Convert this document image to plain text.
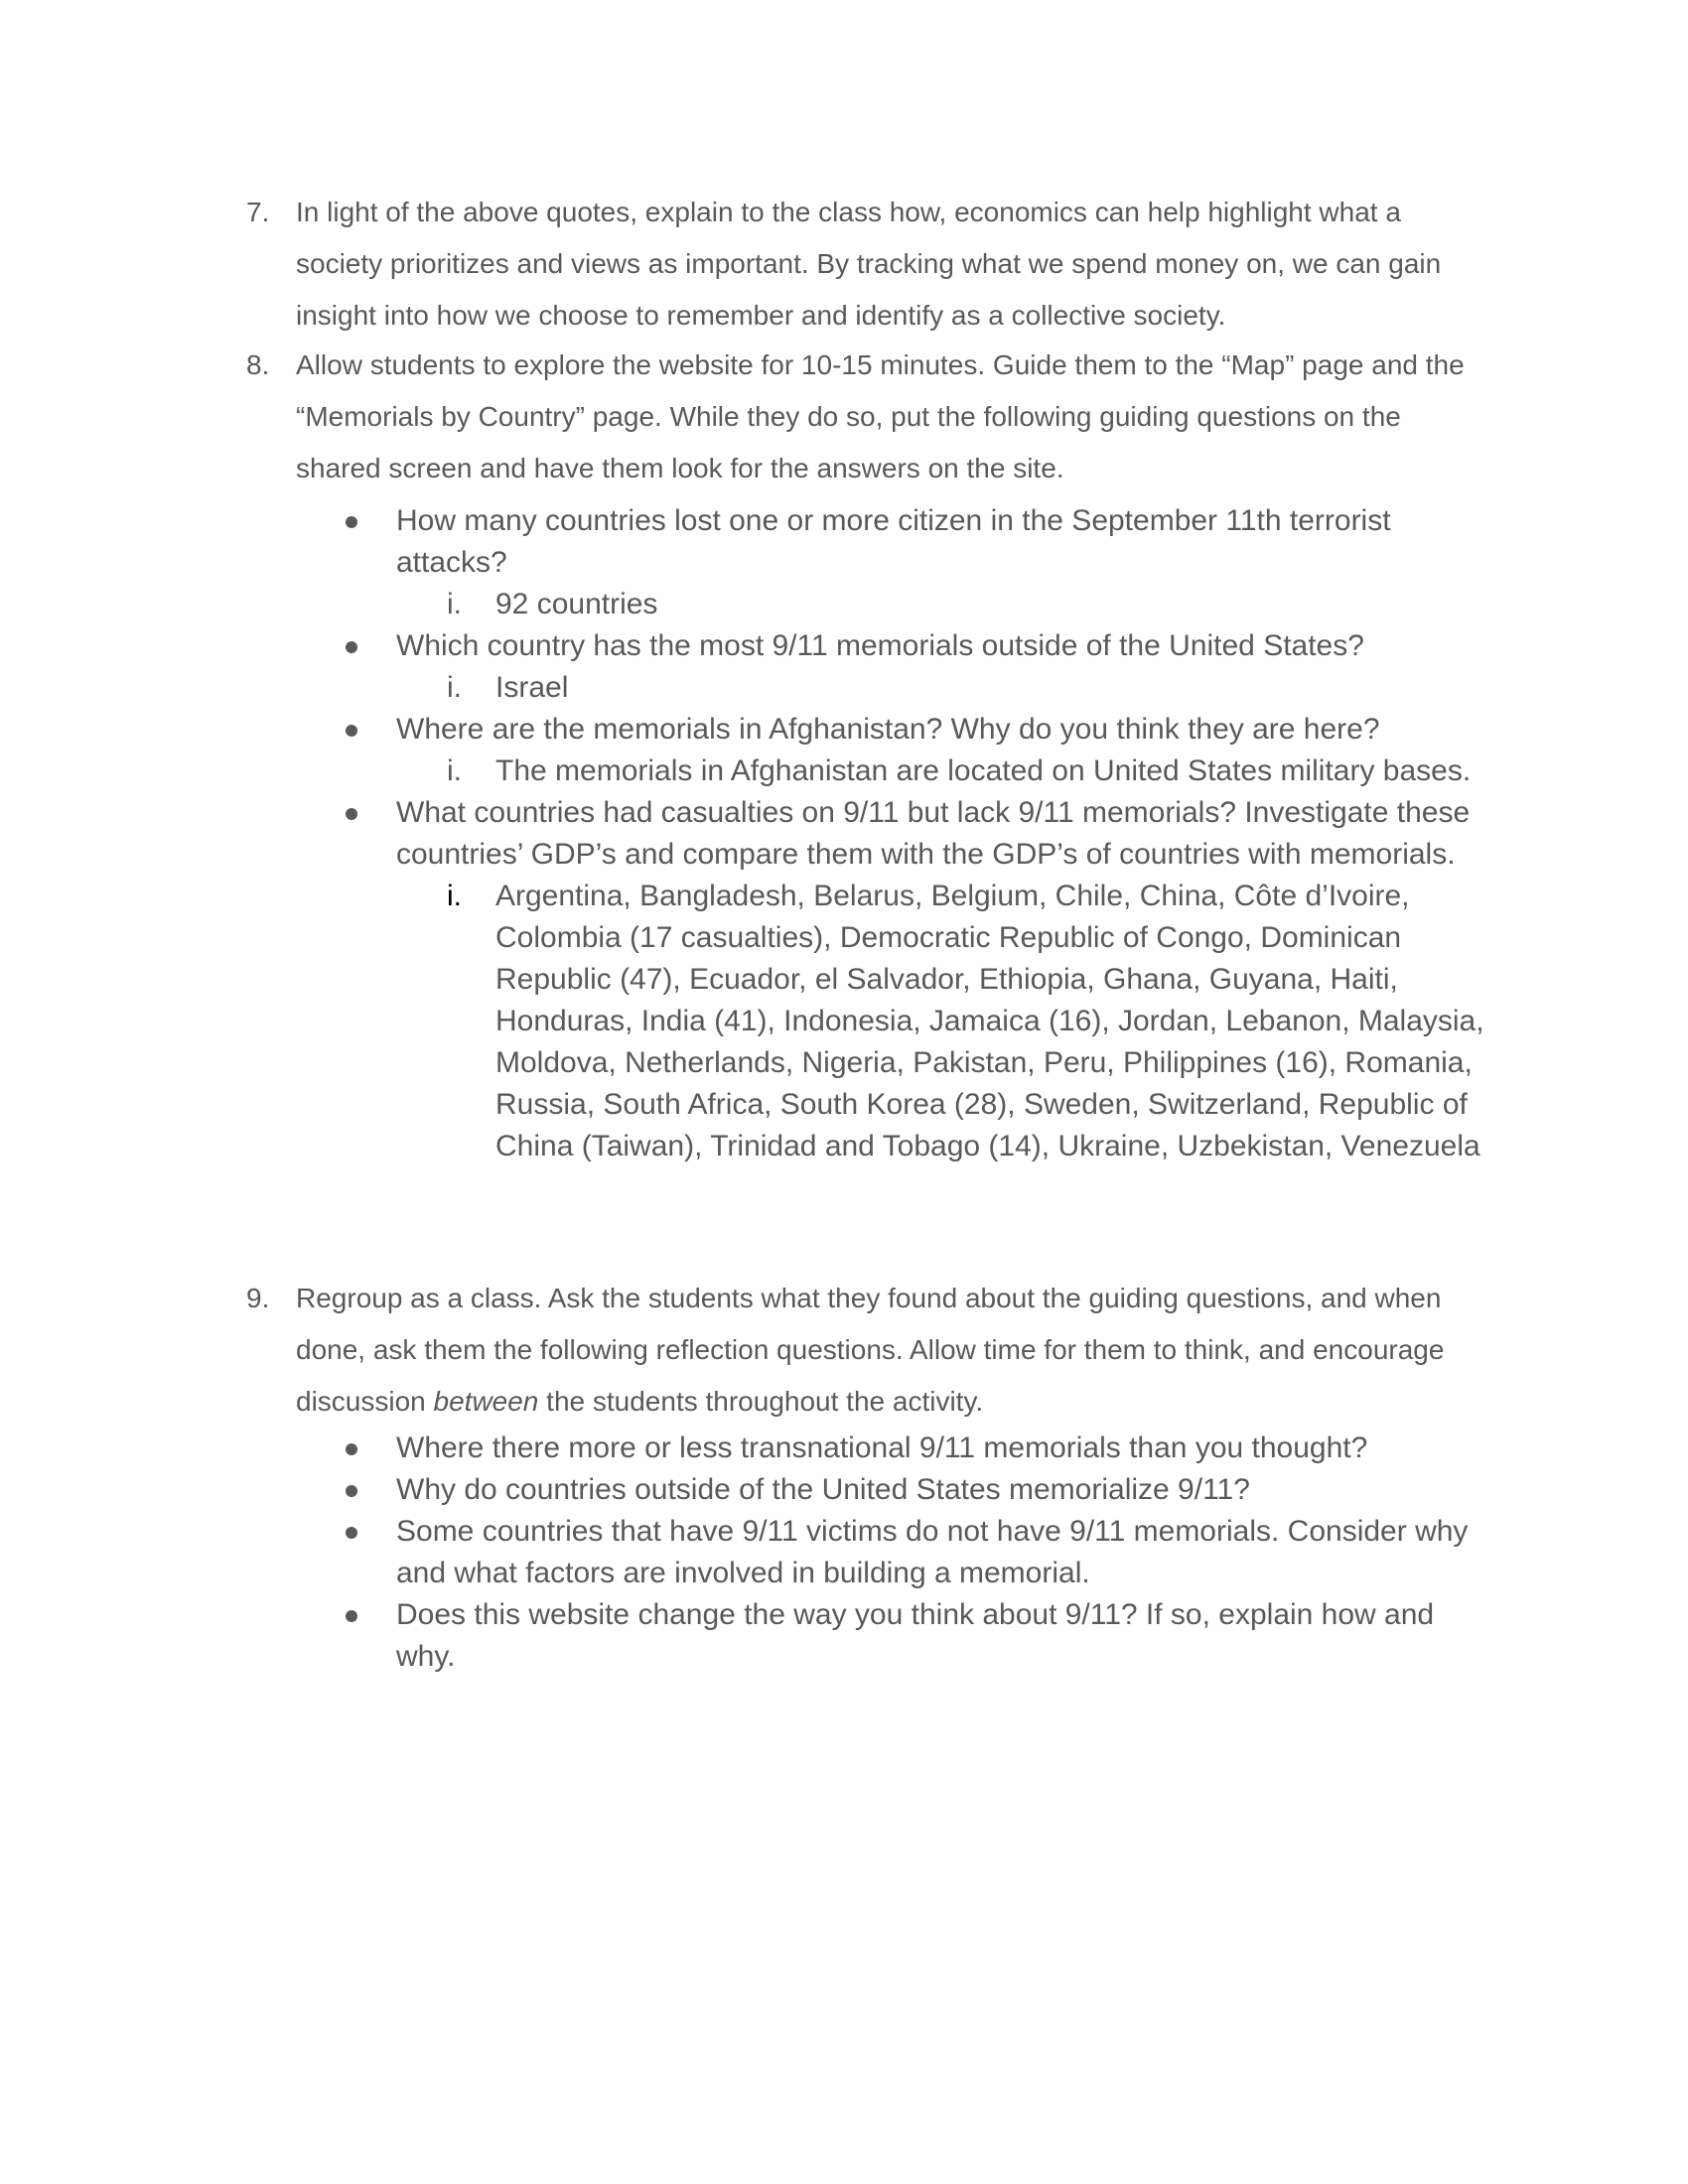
7. In light of the above quotes, explain to the class how, economics can help highlight what a society prioritizes and views as important. By tracking what we spend money on, we can gain insight into how we choose to remember and identify as a collective society.

8. Allow students to explore the website for 10-15 minutes. Guide them to the “Map” page and the “Memorials by Country” page. While they do so, put the following guiding questions on the shared screen and have them look for the answers on the site.

How many countries lost one or more citizen in the September 11th terrorist attacks?
i. 92 countries
Which country has the most 9/11 memorials outside of the United States?
i. Israel
Where are the memorials in Afghanistan? Why do you think they are here?
i. The memorials in Afghanistan are located on United States military bases.
What countries had casualties on 9/11 but lack 9/11 memorials? Investigate these countries’ GDP’s and compare them with the GDP’s of countries with memorials.
i. Argentina, Bangladesh, Belarus, Belgium, Chile, China, Côte d’Ivoire, Colombia (17 casualties), Democratic Republic of Congo, Dominican Republic (47), Ecuador, el Salvador, Ethiopia, Ghana, Guyana, Haiti, Honduras, India (41), Indonesia, Jamaica (16), Jordan, Lebanon, Malaysia, Moldova, Netherlands, Nigeria, Pakistan, Peru, Philippines (16), Romania, Russia, South Africa, South Korea (28), Sweden, Switzerland, Republic of China (Taiwan), Trinidad and Tobago (14), Ukraine, Uzbekistan, Venezuela
9. Regroup as a class. Ask the students what they found about the guiding questions, and when done, ask them the following reflection questions. Allow time for them to think, and encourage discussion between the students throughout the activity.

Where there more or less transnational 9/11 memorials than you thought?
Why do countries outside of the United States memorialize 9/11?
Some countries that have 9/11 victims do not have 9/11 memorials. Consider why and what factors are involved in building a memorial.
Does this website change the way you think about 9/11? If so, explain how and why.
